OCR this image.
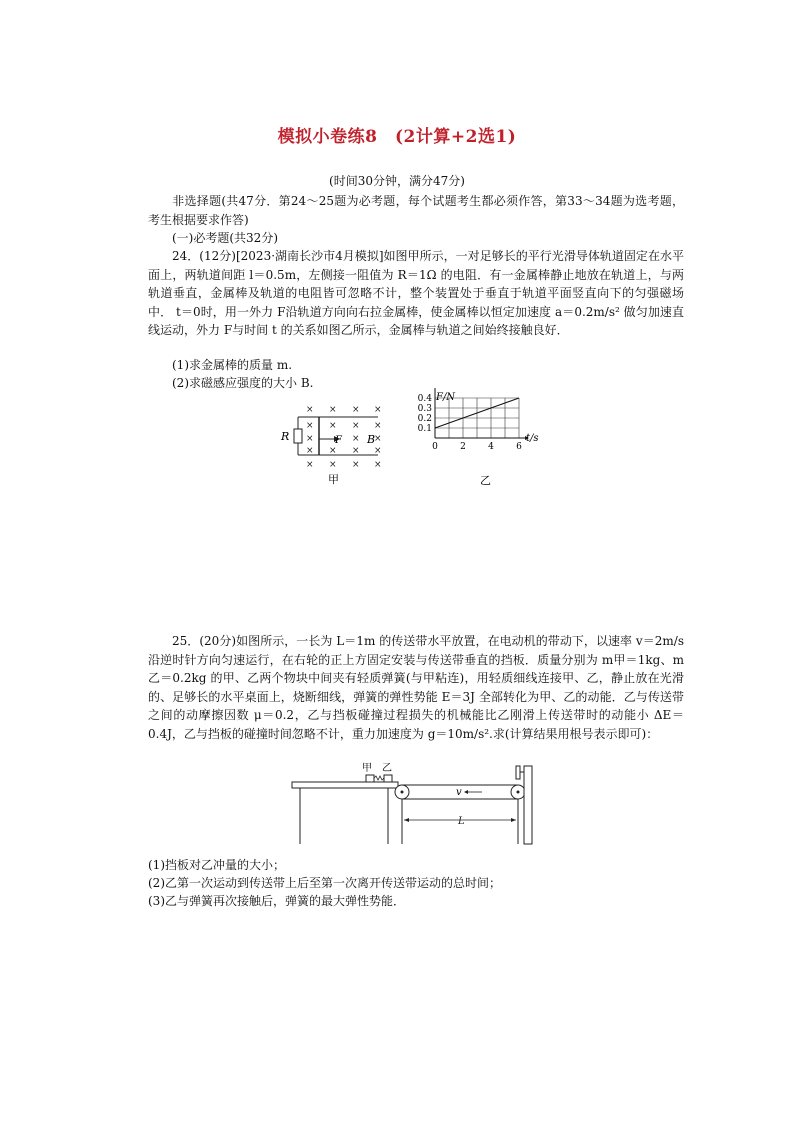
模拟小卷练8　(2计算+2选1)
(时间30分钟，满分47分)
非选择题(共47分．第24～25题为必考题，每个试题考生都必须作答，第33～34题为选考题，考生根据要求作答)
(一)必考题(共32分)
24．(12分)[2023·湖南长沙市4月模拟]如图甲所示，一对足够长的平行光滑导体轨道固定在水平面上，两轨道间距 l＝0.5m，左侧接一阻值为 R＝1Ω 的电阻．有一金属棒静止地放在轨道上，与两轨道垂直，金属棒及轨道的电阻皆可忽略不计，整个装置处于垂直于轨道平面竖直向下的匀强磁场中． t＝0时，用一外力 F沿轨道方向向右拉金属棒，使金属棒以恒定加速度 a＝0.2m/s² 做匀加速直线运动，外力 F与时间 t 的关系如图乙所示，金属棒与轨道之间始终接触良好．
(1)求金属棒的质量 m.
(2)求磁感应强度的大小 B.
R	F B
× × × ×
× × × ×
×	× ×
× × × ×
× × × ×
甲
0.4
0.3
0.2
0.1
0 2 4 6
F/N
t/s
乙
25．(20分)如图所示，一长为 L＝1m 的传送带水平放置，在电动机的带动下，以速率 v＝2m/s 沿逆时针方向匀速运行，在右轮的正上方固定安装与传送带垂直的挡板．质量分别为 m甲＝1kg、m乙＝0.2kg 的甲、乙两个物块中间夹有轻质弹簧(与甲粘连)，用轻质细线连接甲、乙，静止放在光滑的、足够长的水平桌面上，烧断细线，弹簧的弹性势能 E＝3J 全部转化为甲、乙的动能．乙与传送带之间的动摩擦因数 μ＝0.2，乙与挡板碰撞过程损失的机械能比乙刚滑上传送带时的动能小 ΔE＝0.4J，乙与挡板的碰撞时间忽略不计，重力加速度为 g＝10m/s².求(计算结果用根号表示即可)：
甲 乙
v
L
(1)挡板对乙冲量的大小；
(2)乙第一次运动到传送带上后至第一次离开传送带运动的总时间；
(3)乙与弹簧再次接触后，弹簧的最大弹性势能．
